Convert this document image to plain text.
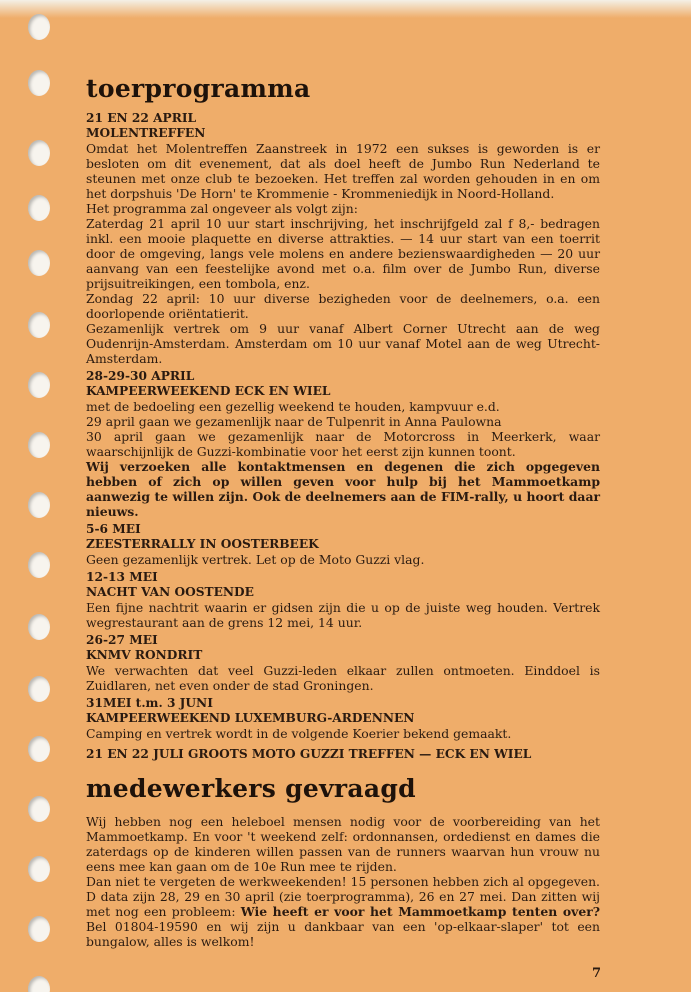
toerprogramma
21 EN 22 APRIL
MOLENTREFFEN

Omdat het Molentreffen Zaanstreek in 1972 een sukses is geworden is er besloten om dit evenement, dat als doel heeft de Jumbo Run Nederland te steunen met onze club te bezoeken. Het treffen zal worden gehouden in en om het dorpshuis 'De Horn' te Krommenie - Krommeniedijk in Noord-Holland.

Het programma zal ongeveer als volgt zijn:

Zaterdag 21 april 10 uur start inschrijving, het inschrijfgeld zal f 8,- bedragen inkl. een mooie plaquette en diverse attrakties. — 14 uur start van een toerrit door de omgeving, langs vele molens en andere bezienswaardigheden — 20 uur aanvang van een feestelijke avond met o.a. film over de Jumbo Run, diverse prijsuitreikingen, een tombola, enz.

Zondag 22 april: 10 uur diverse bezigheden voor de deelnemers, o.a. een doorlopende oriëntatierit.

Gezamenlijk vertrek om 9 uur vanaf Albert Corner Utrecht aan de weg Oudenrijn-Amsterdam. Amsterdam om 10 uur vanaf Motel aan de weg Utrecht-Amsterdam.

28-29-30 APRIL
KAMPEERWEEKEND ECK EN WIEL

met de bedoeling een gezellig weekend te houden, kampvuur e.d.

29 april gaan we gezamenlijk naar de Tulpenrit in Anna Paulowna

30 april gaan we gezamenlijk naar de Motorcross in Meerkerk, waar waarschijnlijk de Guzzi-kombinatie voor het eerst zijn kunnen toont.

Wij verzoeken alle kontaktmensen en degenen die zich opgegeven hebben of zich op willen geven voor hulp bij het Mammoetkamp aanwezig te willen zijn. Ook de deelnemers aan de FIM-rally, u hoort daar nieuws.

5-6 MEI
ZEESTERRALLY IN OOSTERBEEK

Geen gezamenlijk vertrek. Let op de Moto Guzzi vlag.

12-13 MEI
NACHT VAN OOSTENDE

Een fijne nachtrit waarin er gidsen zijn die u op de juiste weg houden. Vertrek wegrestaurant aan de grens 12 mei, 14 uur.

26-27 MEI
KNMV RONDRIT

We verwachten dat veel Guzzi-leden elkaar zullen ontmoeten. Einddoel is Zuidlaren, net even onder de stad Groningen.

31MEI t.m. 3 JUNI
KAMPEERWEEKEND LUXEMBURG-ARDENNEN

Camping en vertrek wordt in de volgende Koerier bekend gemaakt.

21 EN 22 JULI GROOTS MOTO GUZZI TREFFEN — ECK EN WIEL
medewerkers gevraagd

Wij hebben nog een heleboel mensen nodig voor de voorbereiding van het Mammoetkamp. En voor 't weekend zelf: ordonnansen, ordedienst en dames die zaterdags op de kinderen willen passen van de runners waarvan hun vrouw nu eens mee kan gaan om de 10e Run mee te rijden.

Dan niet te vergeten de werkweekenden! 15 personen hebben zich al opgegeven. D data zijn 28, 29 en 30 april (zie toerprogramma), 26 en 27 mei. Dan zitten wij met nog een probleem: Wie heeft er voor het Mammoetkamp tenten over? Bel 01804-19590 en wij zijn u dankbaar van een 'op-elkaar-slaper' tot een bungalow, alles is welkom!

7
